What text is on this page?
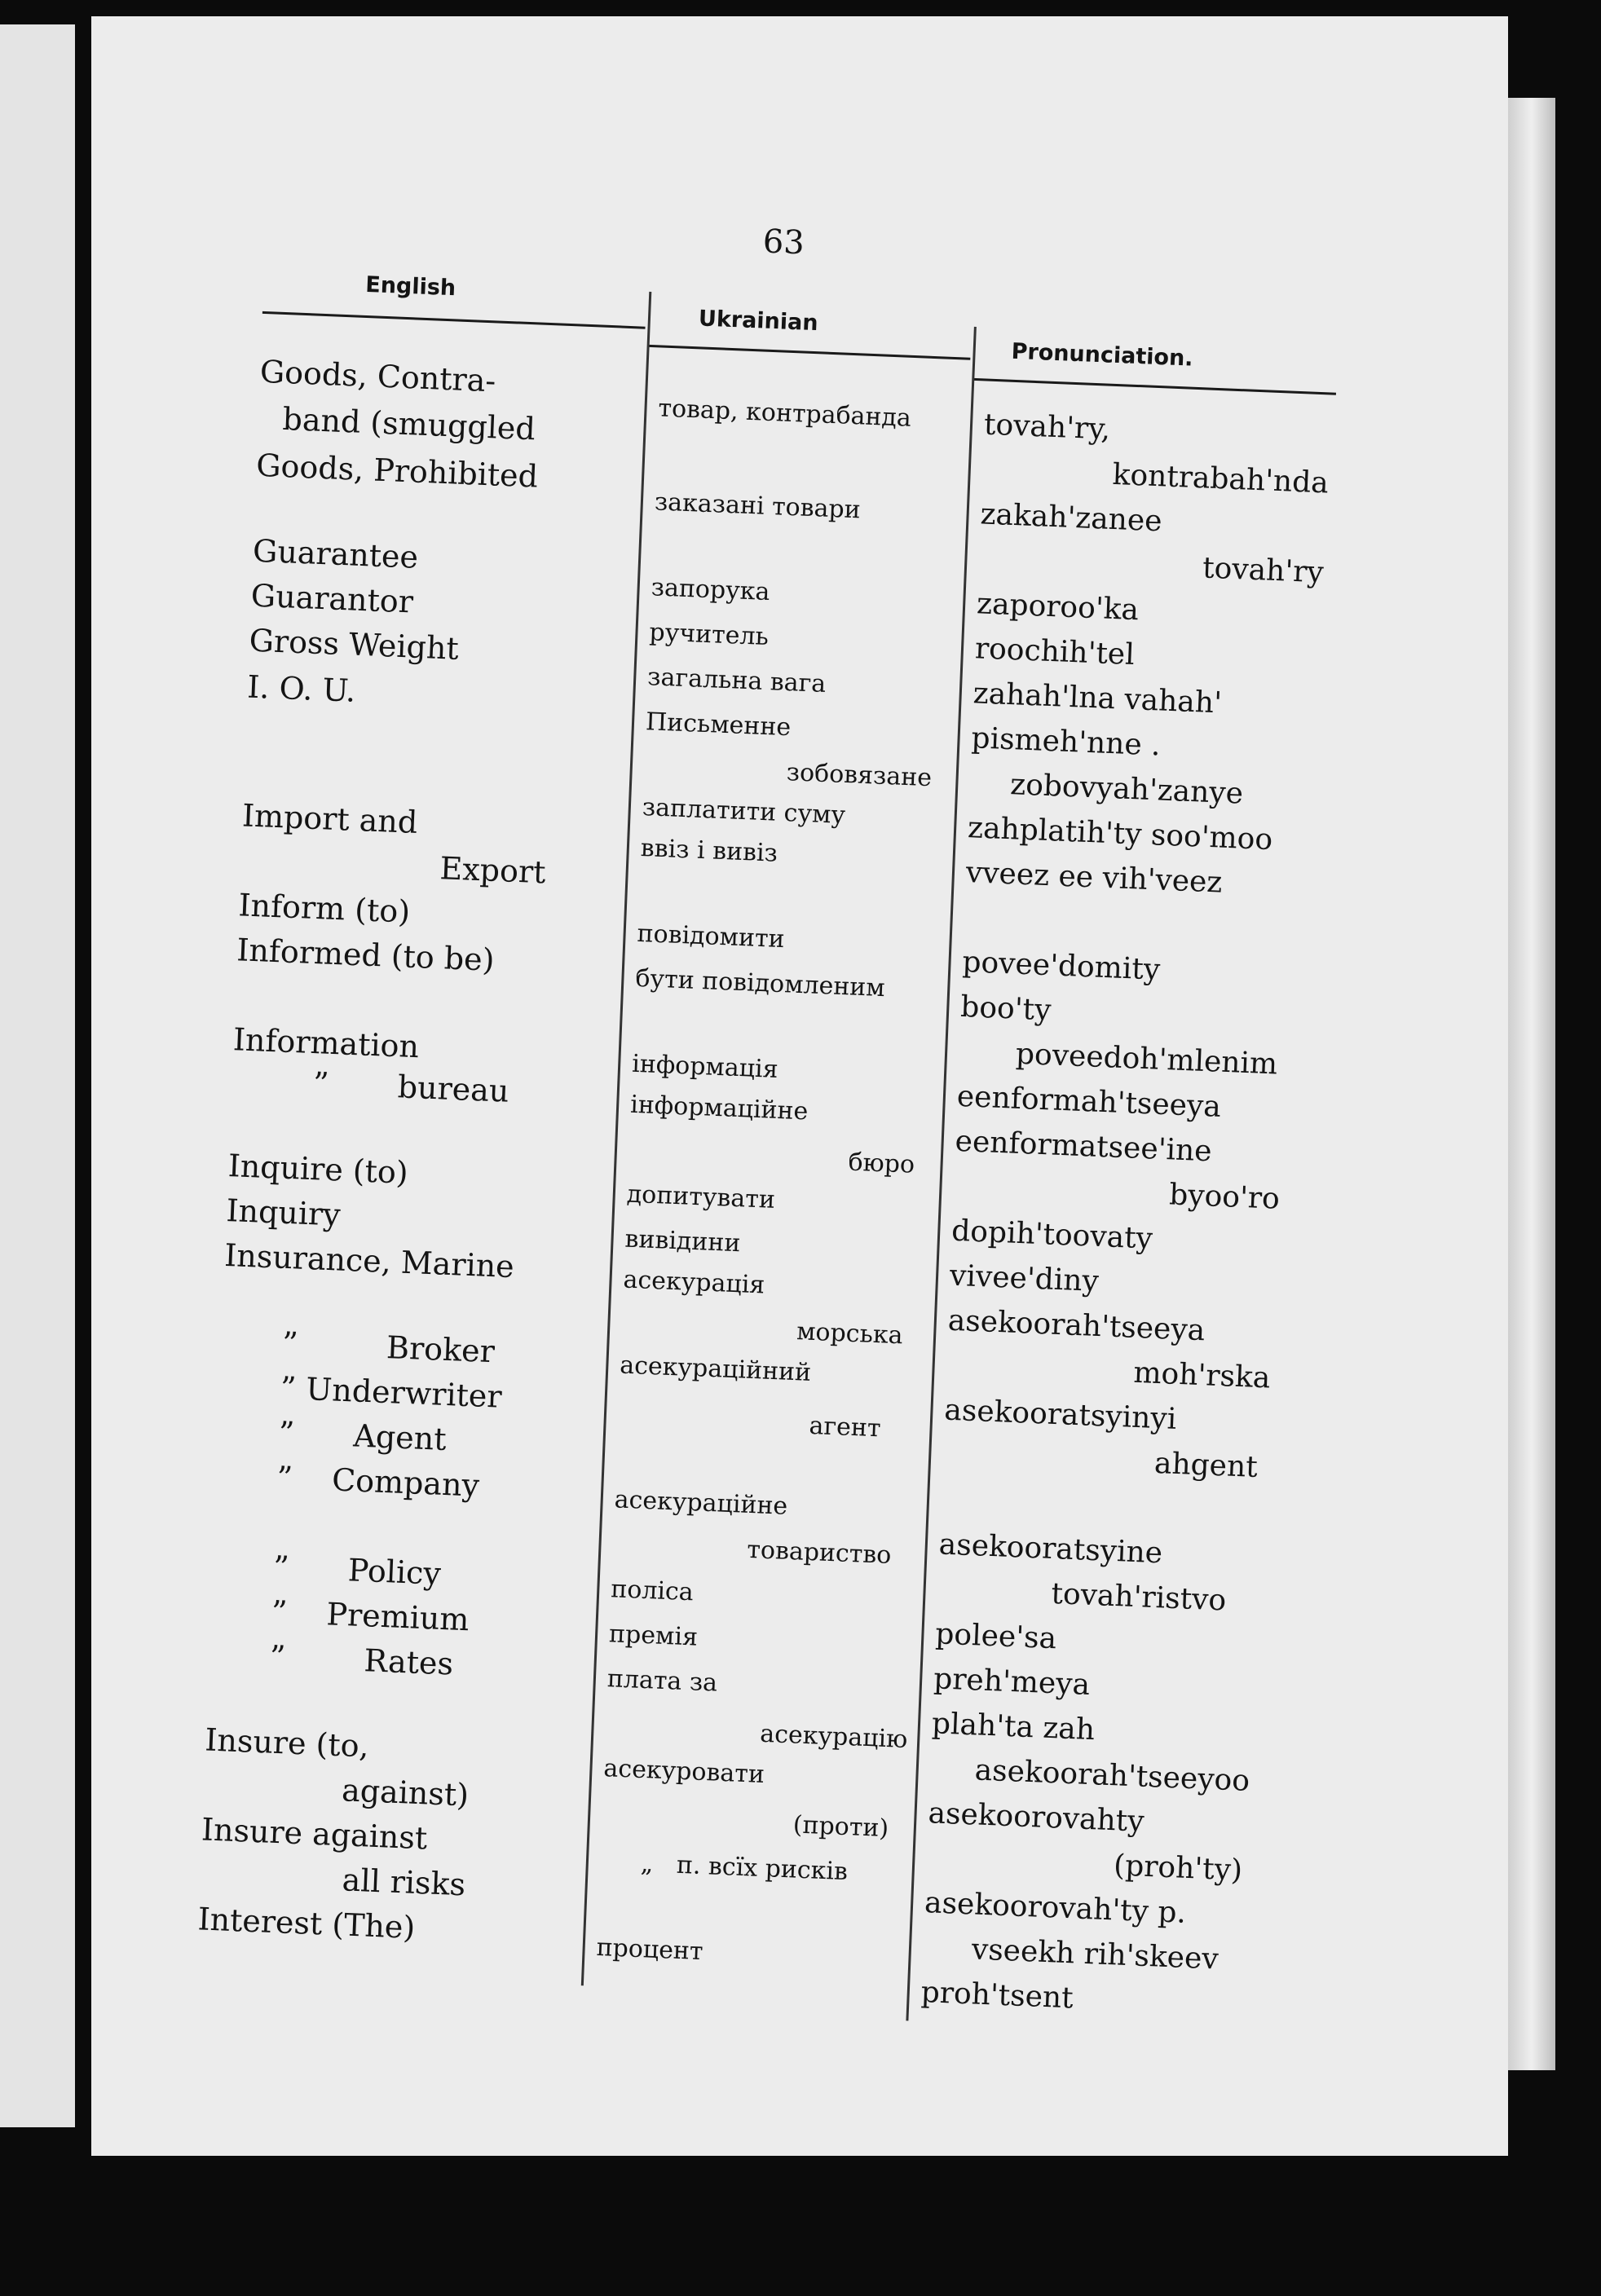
63
English
Ukrainian
Pronunciation.
Goods, Contra-
band (smuggled
Goods, Prohibited
Guarantee
Guarantor
Gross Weight
I. O. U.
Import and
Export
Inform (to)
Informed (to be)
Information
”       bureau
Inquire (to)
Inquiry
Insurance, Marine
”         Broker
” Underwriter
”      Agent
”    Company
”      Policy
”    Premium
”        Rates
Insure (to,
against)
Insure against
all risks
Interest (The)
товар, контрабанда
заказані товари
запорука
ручитель
загальна вага
Письменне
зобовязане
заплатити суму
ввіз і вивіз
повідомити
бути повідомленим
інформація
інформаційне
бюро
допитувати
вивідини
асекурація
морська
асекураційний
агент
асекураційне
товариство
поліса
премія
плата за
асекурацію
асекуровати
(проти)
„   п. всїх рисків
процент
tovah'ry,
kontrabah'nda
zakah'zanee
tovah'ry
zaporoo'ka
roochih'tel
zahah'lna vahah'
pismeh'nne .
zobovyah'zanye
zahplatih'ty soo'moo
vveez ee vih'veez
povee'domity
boo'ty
poveedoh'mlenim
eenformah'tseeya
eenformatsee'ine
byoo'ro
dopih'toovaty
vivee'diny
asekoorah'tseeya
moh'rska
asekooratsyinyi
ahgent
asekooratsyine
tovah'ristvo
polee'sa
preh'meya
plah'ta zah
asekoorah'tseeyoo
asekoorovahty
(proh'ty)
asekoorovah'ty p.
vseekh rih'skeev
proh'tsent
